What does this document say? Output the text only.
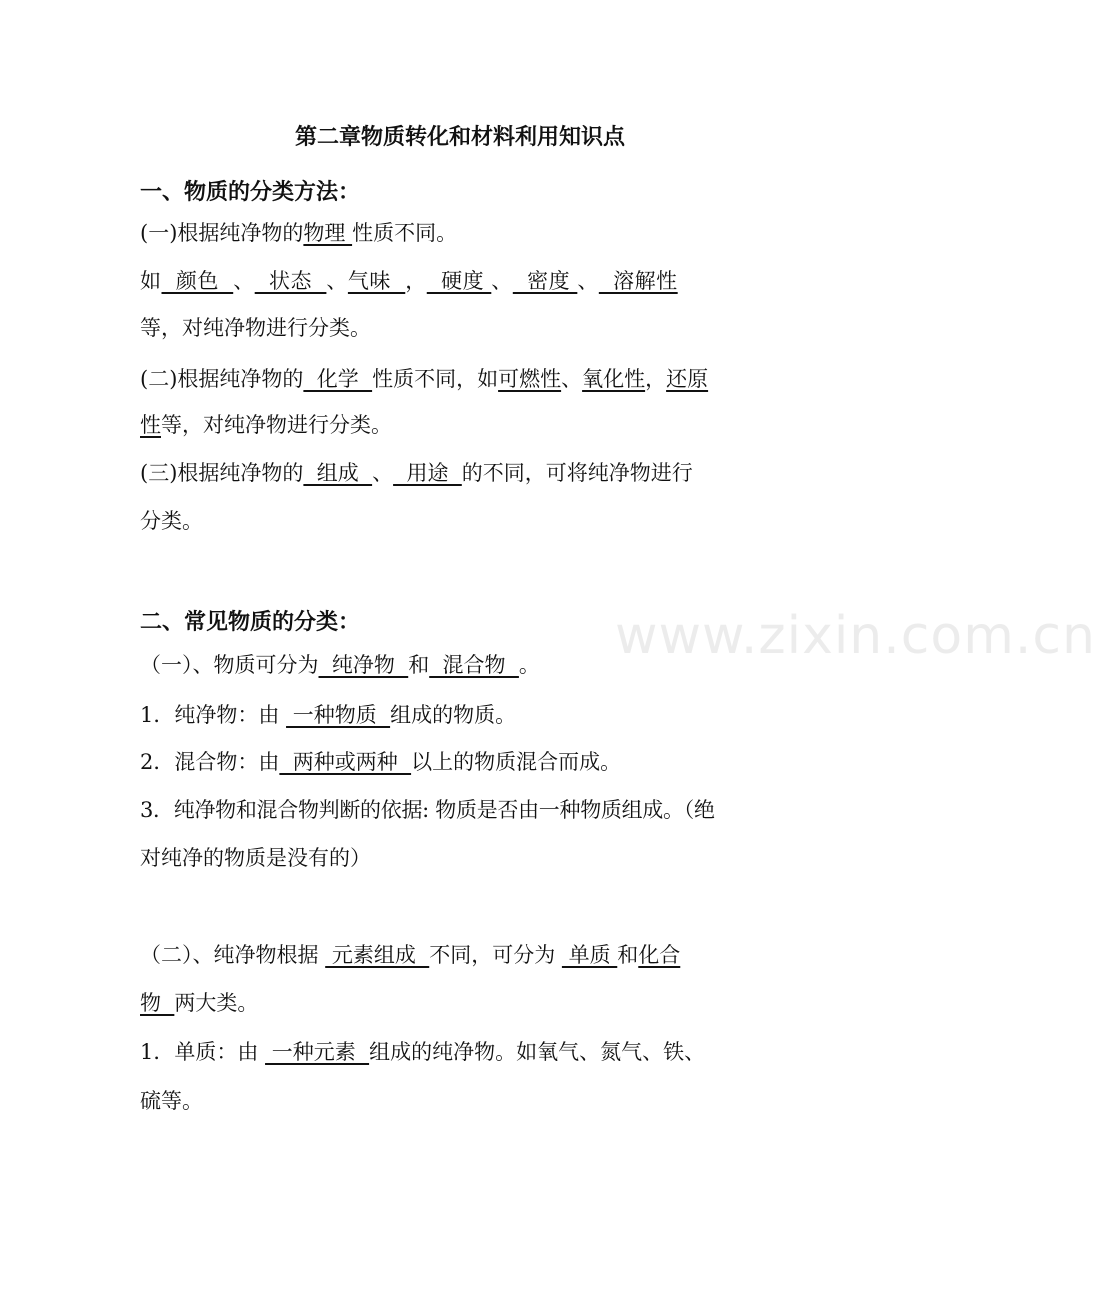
第二章物质转化和材料利用知识点
一、物质的分类方法：
(一)根据纯净物的物理 性质不同。
如  颜色  、  状态  、气味  ，  硬度 、  密度 、  溶解性
等，对纯净物进行分类。
(二)根据纯净物的  化学  性质不同，如可燃性、氧化性，还原
性等，对纯净物进行分类。
(三)根据纯净物的  组成  、  用途  的不同，可将纯净物进行
分类。
二、常见物质的分类：	www.zixin.com.cn
（一）、物质可分为  纯净物  和  混合物  。
1．纯净物：由  一种物质  组成的物质。
2．混合物：由  两种或两种  以上的物质混合而成。
3．纯净物和混合物判断的依据: 物质是否由一种物质组成。（绝
对纯净的物质是没有的）
（二）、纯净物根据  元素组成  不同，可分为  单质 和化合
物  两大类。
1．单质：由  一种元素  组成的纯净物。如氧气、氮气、铁、
硫等。
